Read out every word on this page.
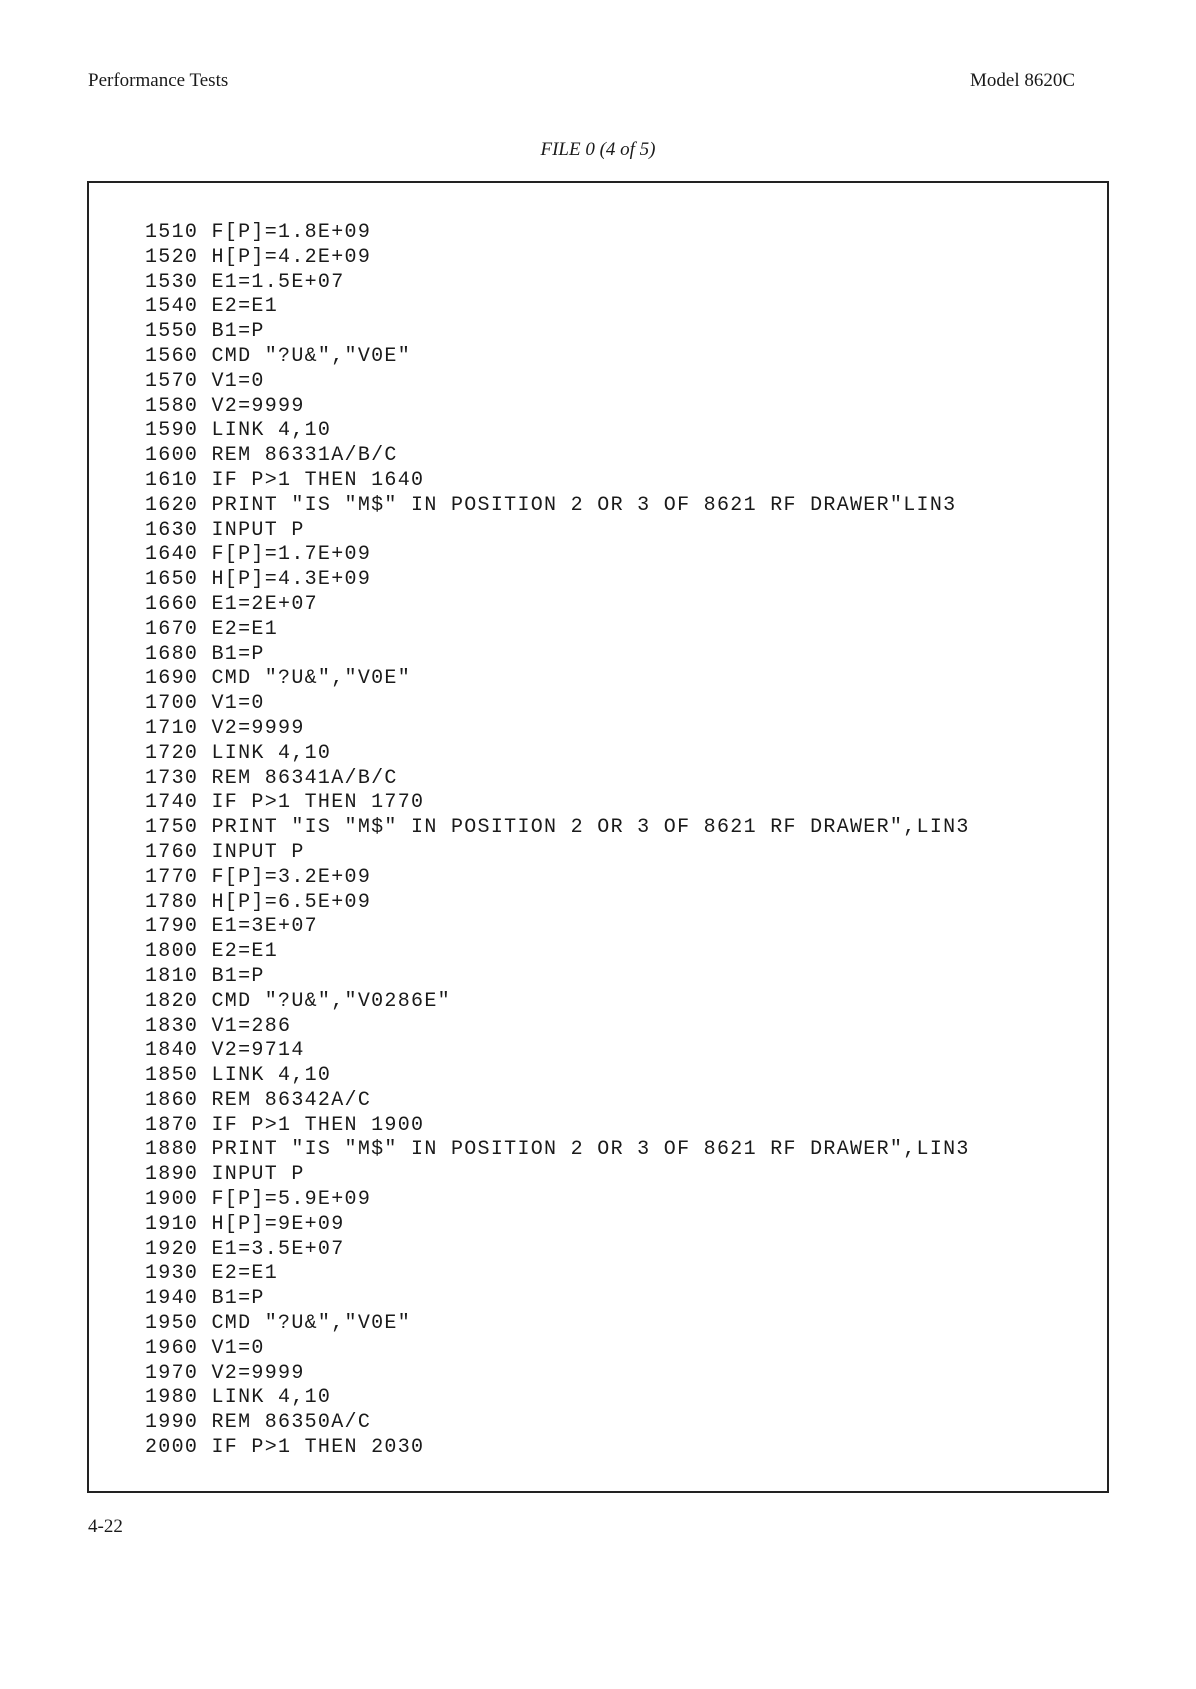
Performance Tests	Model 8620C
FILE 0 (4 of 5)
1510 F[P]=1.8E+09
1520 H[P]=4.2E+09
1530 E1=1.5E+07
1540 E2=E1
1550 B1=P
1560 CMD "?U&","V0E"
1570 V1=0
1580 V2=9999
1590 LINK 4,10
1600 REM 86331A/B/C
1610 IF P>1 THEN 1640
1620 PRINT "IS "M$" IN POSITION 2 OR 3 OF 8621 RF DRAWER"LIN3
1630 INPUT P
1640 F[P]=1.7E+09
1650 H[P]=4.3E+09
1660 E1=2E+07
1670 E2=E1
1680 B1=P
1690 CMD "?U&","V0E"
1700 V1=0
1710 V2=9999
1720 LINK 4,10
1730 REM 86341A/B/C
1740 IF P>1 THEN 1770
1750 PRINT "IS "M$" IN POSITION 2 OR 3 OF 8621 RF DRAWER",LIN3
1760 INPUT P
1770 F[P]=3.2E+09
1780 H[P]=6.5E+09
1790 E1=3E+07
1800 E2=E1
1810 B1=P
1820 CMD "?U&","V0286E"
1830 V1=286
1840 V2=9714
1850 LINK 4,10
1860 REM 86342A/C
1870 IF P>1 THEN 1900
1880 PRINT "IS "M$" IN POSITION 2 OR 3 OF 8621 RF DRAWER",LIN3
1890 INPUT P
1900 F[P]=5.9E+09
1910 H[P]=9E+09
1920 E1=3.5E+07
1930 E2=E1
1940 B1=P
1950 CMD "?U&","V0E"
1960 V1=0
1970 V2=9999
1980 LINK 4,10
1990 REM 86350A/C
2000 IF P>1 THEN 2030
4-22
